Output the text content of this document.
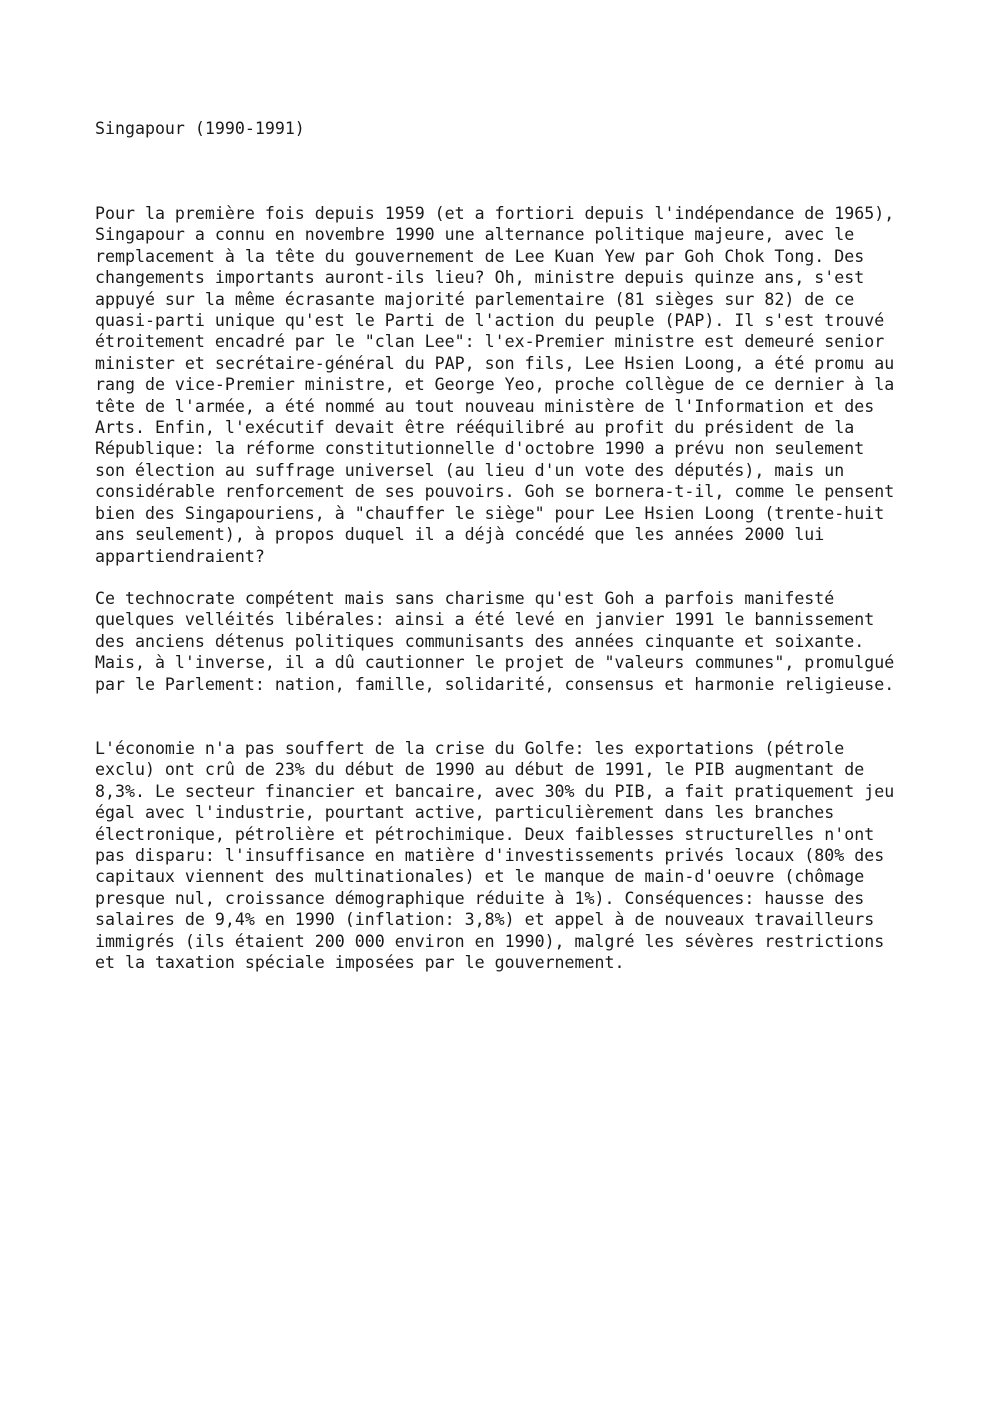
Singapour (1990-1991)

Pour la première fois depuis 1959 (et a fortiori depuis l'indépendance de 1965),
Singapour a connu en novembre 1990 une alternance politique majeure, avec le
remplacement à la tête du gouvernement de Lee Kuan Yew par Goh Chok Tong. Des
changements importants auront-ils lieu? Oh, ministre depuis quinze ans, s'est
appuyé sur la même écrasante majorité parlementaire (81 sièges sur 82) de ce
quasi-parti unique qu'est le Parti de l'action du peuple (PAP). Il s'est trouvé
étroitement encadré par le "clan Lee": l'ex-Premier ministre est demeuré senior
minister et secrétaire-général du PAP, son fils, Lee Hsien Loong, a été promu au
rang de vice-Premier ministre, et George Yeo, proche collègue de ce dernier à la
tête de l'armée, a été nommé au tout nouveau ministère de l'Information et des
Arts. Enfin, l'exécutif devait être rééquilibré au profit du président de la
République: la réforme constitutionnelle d'octobre 1990 a prévu non seulement
son élection au suffrage universel (au lieu d'un vote des députés), mais un
considérable renforcement de ses pouvoirs. Goh se bornera-t-il, comme le pensent
bien des Singapouriens, à "chauffer le siège" pour Lee Hsien Loong (trente-huit
ans seulement), à propos duquel il a déjà concédé que les années 2000 lui
appartiendraient?

Ce technocrate compétent mais sans charisme qu'est Goh a parfois manifesté
quelques velléités libérales: ainsi a été levé en janvier 1991 le bannissement
des anciens détenus politiques communisants des années cinquante et soixante.
Mais, à l'inverse, il a dû cautionner le projet de "valeurs communes", promulgué
par le Parlement: nation, famille, solidarité, consensus et harmonie religieuse.

L'économie n'a pas souffert de la crise du Golfe: les exportations (pétrole
exclu) ont crû de 23% du début de 1990 au début de 1991, le PIB augmentant de
8,3%. Le secteur financier et bancaire, avec 30% du PIB, a fait pratiquement jeu
égal avec l'industrie, pourtant active, particulièrement dans les branches
électronique, pétrolière et pétrochimique. Deux faiblesses structurelles n'ont
pas disparu: l'insuffisance en matière d'investissements privés locaux (80% des
capitaux viennent des multinationales) et le manque de main-d'oeuvre (chômage
presque nul, croissance démographique réduite à 1%). Conséquences: hausse des
salaires de 9,4% en 1990 (inflation: 3,8%) et appel à de nouveaux travailleurs
immigrés (ils étaient 200 000 environ en 1990), malgré les sévères restrictions
et la taxation spéciale imposées par le gouvernement.
